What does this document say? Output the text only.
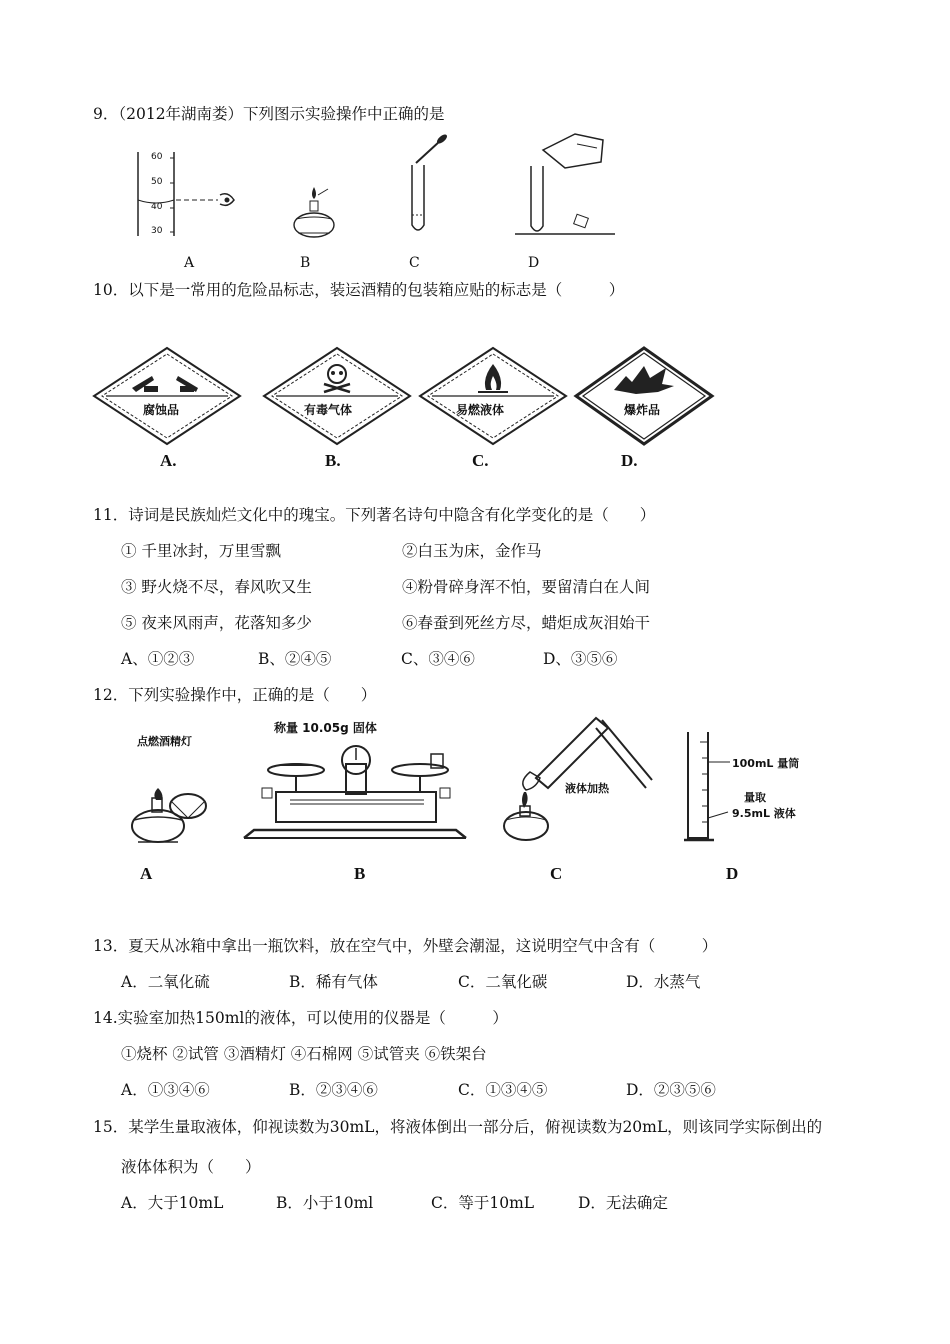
9．（2012年湖南娄）下列图示实验操作中正确的是
60
50
40
30
A	B	C	D
10．以下是一常用的危险品标志，装运酒精的包装箱应贴的标志是（　　　）
腐蚀品	有毒气体	易燃液体	爆炸品
A.	B.	C.	D.
11．诗词是民族灿烂文化中的瑰宝。下列著名诗句中隐含有化学变化的是（　　）
① 千里冰封，万里雪飘	②白玉为床，金作马
③ 野火烧不尽，春风吹又生	④粉骨碎身浑不怕，要留清白在人间
⑤ 夜来风雨声，花落知多少	⑥春蚕到死丝方尽，蜡炬成灰泪始干
A、①②③	B、②④⑤	C、③④⑥	D、③⑤⑥
12．下列实验操作中，正确的是（　　）
点燃酒精灯
称量 10.05g 固体
液体加热
100mL 量筒
量取
9.5mL 液体
A	B	C	D
13．夏天从冰箱中拿出一瓶饮料，放在空气中，外壁会潮湿，这说明空气中含有（　　　）
A．二氧化硫	B．稀有气体	C．二氧化碳	D．水蒸气
14.实验室加热150ml的液体，可以使用的仪器是（　　　）
①烧杯 ②试管 ③酒精灯 ④石棉网 ⑤试管夹 ⑥铁架台
A．①③④⑥	B．②③④⑥	C．①③④⑤	D．②③⑤⑥
15．某学生量取液体，仰视读数为30mL，将液体倒出一部分后，俯视读数为20mL，则该同学实际倒出的
液体体积为（　　）
A．大于10mL	B．小于10ml	C．等于10mL	D．无法确定
